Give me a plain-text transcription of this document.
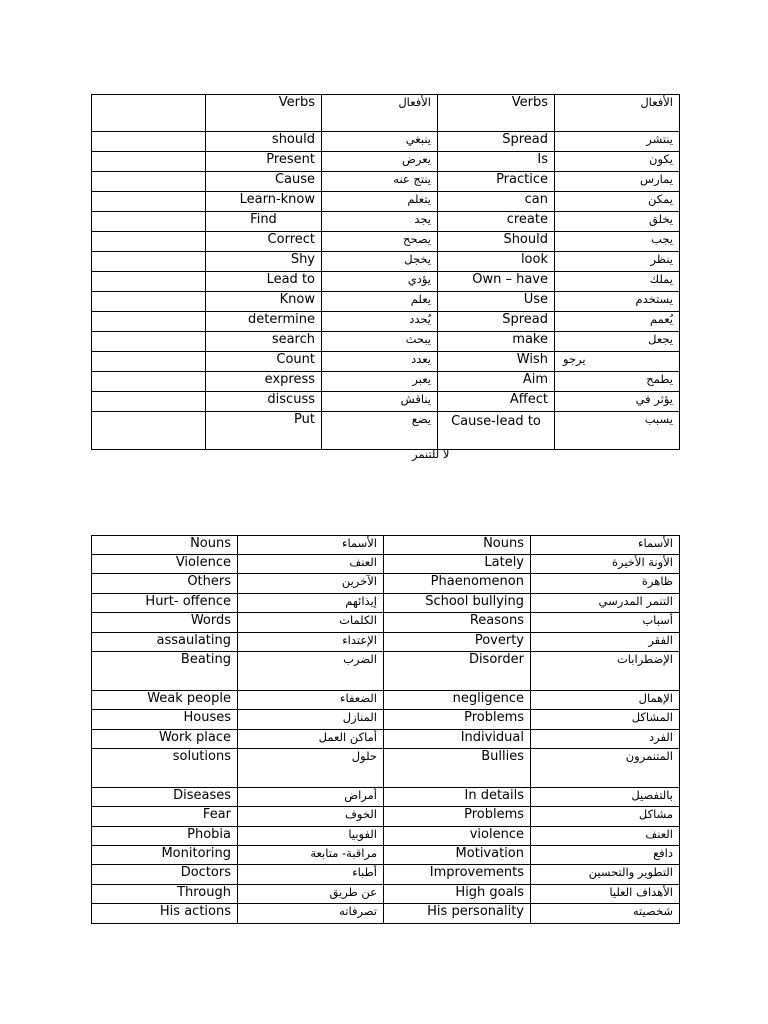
	Verbs	الأفعال	Verbs	الأفعال
	should	ينبغي	Spread	ينتشر
	Present	يعرض	Is	يكون
	Cause	ينتج عنه	Practice	يمارس
	Learn-know	يتعلم	can	يمكن
	Find	يجد	create	يخلق
	Correct	يصحح	Should	يجب
	Shy	يخجل	look	ينظر
	Lead to	يؤدي	Own – have	يملك
	Know	يعلم	Use	يستخدم
	determine	يُحدد	Spread	يُعمم
	search	يبحث	make	يجعل
	Count	يعدد	Wish	يرجو
	express	يعبر	Aim	يطمح
	discuss	يناقش	Affect	يؤثر في
	Put	يضع	Cause-lead to	يسبب
لا للتنمر
Nouns	الأسماء	Nouns	الأسماء
Violence	العنف	Lately	الأونة الأخيرة
Others	الآخرين	Phaenomenon	ظاهرة
Hurt- offence	إيذائهم	School bullying	التنمر المدرسي
Words	الكلمات	Reasons	أسباب
assaulating	الإعتداء	Poverty	الفقر
Beating	الضرب	Disorder	الإضطرابات
Weak people	الضعفاء	negligence	الإهمال
Houses	المنازل	Problems	المشاكل
Work place	أماكن العمل	Individual	الفرد
solutions	حلول	Bullies	المتنمرون
Diseases	أمراض	In details	بالتفصيل
Fear	الخوف	Problems	مشاكل
Phobia	الفوبيا	violence	العنف
Monitoring	مراقبة- متابعة	Motivation	دافع
Doctors	أطباء	Improvements	التطوير والتحسين
Through	عن طريق	High goals	الأهداف العليا
His actions	تصرفاته	His personality	شخصيته
